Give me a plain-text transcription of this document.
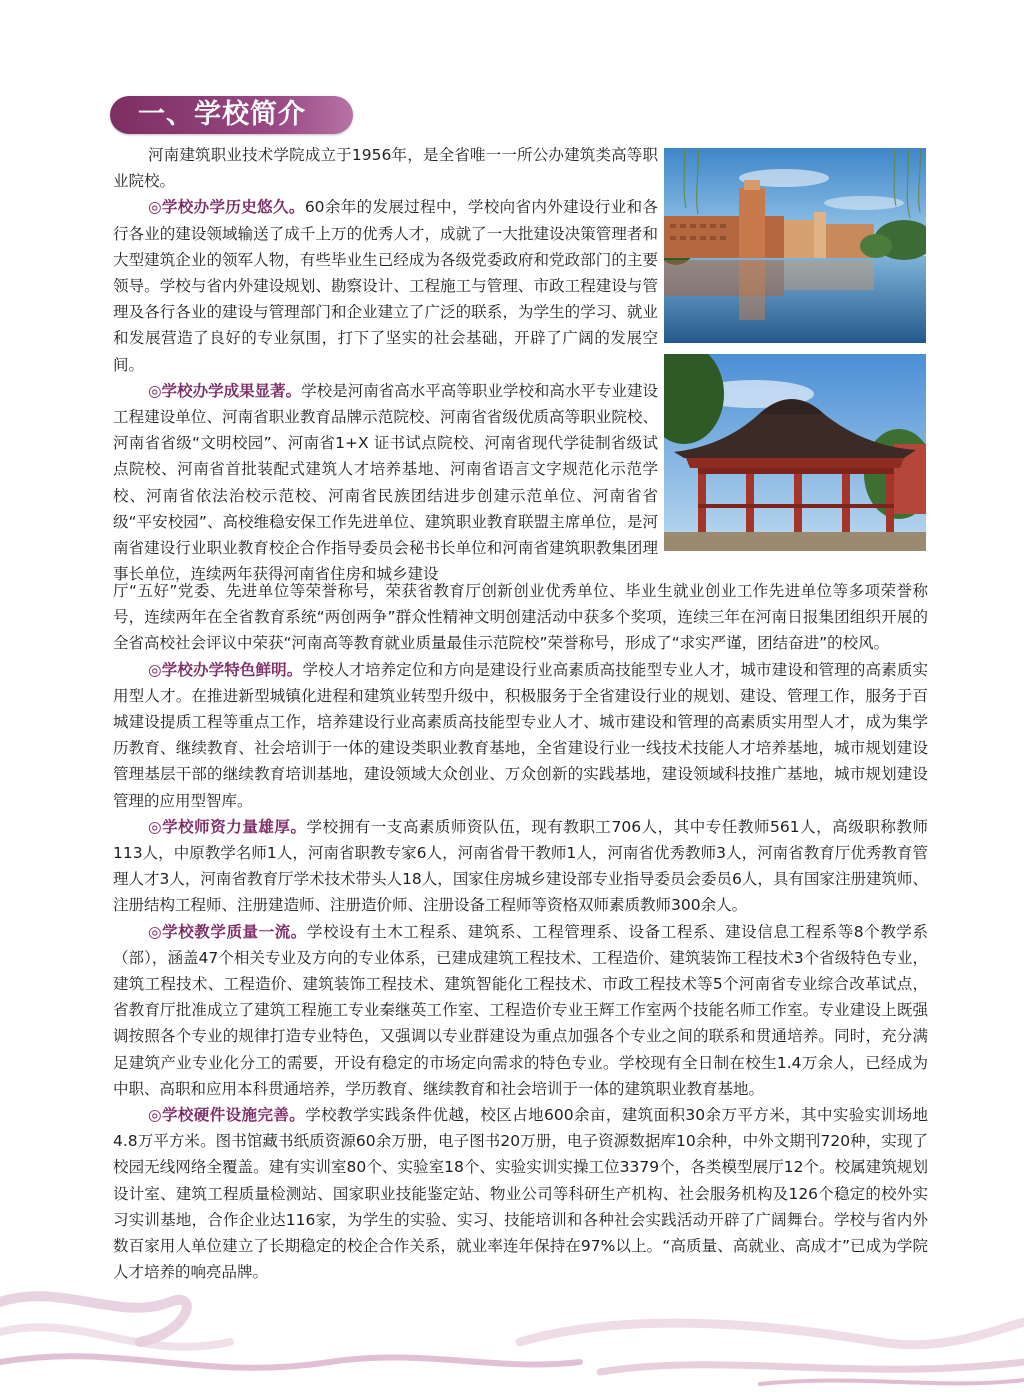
一、学校简介

河南建筑职业技术学院成立于1956年，是全省唯一一所公办建筑类高等职业院校。

◎学校办学历史悠久。60余年的发展过程中，学校向省内外建设行业和各行各业的建设领域输送了成千上万的优秀人才，成就了一大批建设决策管理者和大型建筑企业的领军人物，有些毕业生已经成为各级党委政府和党政部门的主要领导。学校与省内外建设规划、勘察设计、工程施工与管理、市政工程建设与管理及各行各业的建设与管理部门和企业建立了广泛的联系，为学生的学习、就业和发展营造了良好的专业氛围，打下了坚实的社会基础，开辟了广阔的发展空间。

◎学校办学成果显著。学校是河南省高水平高等职业学校和高水平专业建设工程建设单位、河南省职业教育品牌示范院校、河南省省级优质高等职业院校、河南省省级“文明校园”、河南省1+X 证书试点院校、河南省现代学徒制省级试点院校、河南省首批装配式建筑人才培养基地、河南省语言文字规范化示范学校、河南省依法治校示范校、河南省民族团结进步创建示范单位、河南省省级“平安校园”、高校维稳安保工作先进单位、建筑职业教育联盟主席单位，是河南省建设行业职业教育校企合作指导委员会秘书长单位和河南省建筑职教集团理事长单位，连续两年获得河南省住房和城乡建设

厅“五好”党委、先进单位等荣誉称号，荣获省教育厅创新创业优秀单位、毕业生就业创业工作先进单位等多项荣誉称号，连续两年在全省教育系统“两创两争”群众性精神文明创建活动中获多个奖项，连续三年在河南日报集团组织开展的全省高校社会评议中荣获“河南高等教育就业质量最佳示范院校”荣誉称号，形成了“求实严谨，团结奋进”的校风。

◎学校办学特色鲜明。学校人才培养定位和方向是建设行业高素质高技能型专业人才，城市建设和管理的高素质实用型人才。在推进新型城镇化进程和建筑业转型升级中，积极服务于全省建设行业的规划、建设、管理工作，服务于百城建设提质工程等重点工作，培养建设行业高素质高技能型专业人才、城市建设和管理的高素质实用型人才，成为集学历教育、继续教育、社会培训于一体的建设类职业教育基地，全省建设行业一线技术技能人才培养基地，城市规划建设管理基层干部的继续教育培训基地，建设领域大众创业、万众创新的实践基地，建设领域科技推广基地，城市规划建设管理的应用型智库。

◎学校师资力量雄厚。学校拥有一支高素质师资队伍，现有教职工706人，其中专任教师561人，高级职称教师113人，中原教学名师1人，河南省职教专家6人，河南省骨干教师1人，河南省优秀教师3人，河南省教育厅优秀教育管理人才3人，河南省教育厅学术技术带头人18人，国家住房城乡建设部专业指导委员会委员6人，具有国家注册建筑师、注册结构工程师、注册建造师、注册造价师、注册设备工程师等资格双师素质教师300余人。

◎学校教学质量一流。学校设有土木工程系、建筑系、工程管理系、设备工程系、建设信息工程系等8个教学系（部），涵盖47个相关专业及方向的专业体系，已建成建筑工程技术、工程造价、建筑装饰工程技术3个省级特色专业，建筑工程技术、工程造价、建筑装饰工程技术、建筑智能化工程技术、市政工程技术等5个河南省专业综合改革试点，省教育厅批准成立了建筑工程施工专业秦继英工作室、工程造价专业王辉工作室两个技能名师工作室。专业建设上既强调按照各个专业的规律打造专业特色，又强调以专业群建设为重点加强各个专业之间的联系和贯通培养。同时，充分满足建筑产业专业化分工的需要，开设有稳定的市场定向需求的特色专业。学校现有全日制在校生1.4万余人，已经成为中职、高职和应用本科贯通培养，学历教育、继续教育和社会培训于一体的建筑职业教育基地。

◎学校硬件设施完善。学校教学实践条件优越，校区占地600余亩，建筑面积30余万平方米，其中实验实训场地4.8万平方米。图书馆藏书纸质资源60余万册，电子图书20万册，电子资源数据库10余种，中外文期刊720种，实现了校园无线网络全覆盖。建有实训室80个、实验室18个、实验实训实操工位3379个，各类模型展厅12个。校属建筑规划设计室、建筑工程质量检测站、国家职业技能鉴定站、物业公司等科研生产机构、社会服务机构及126个稳定的校外实习实训基地，合作企业达116家，为学生的实验、实习、技能培训和各种社会实践活动开辟了广阔舞台。学校与省内外数百家用人单位建立了长期稳定的校企合作关系，就业率连年保持在97%以上。“高质量、高就业、高成才”已成为学院人才培养的响亮品牌。
